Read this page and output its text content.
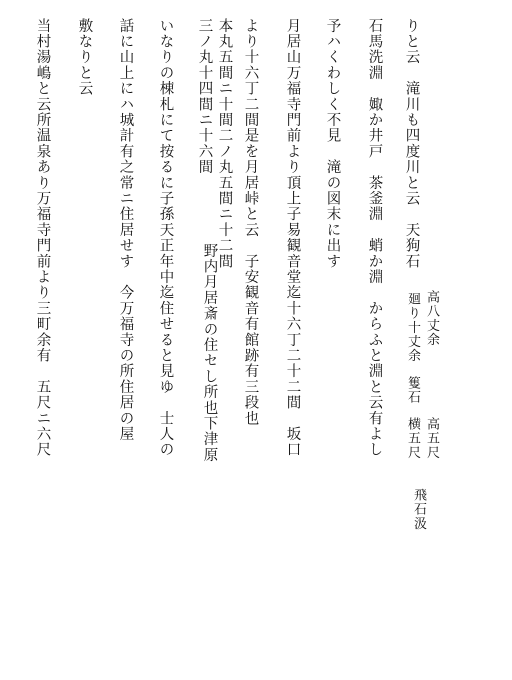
りと云　滝川も四度川と云　天狗石
高八丈余
廻り十丈余
篗石
高五尺
横五尺
飛石汲
石馬洗淵　娵か井戸　茶釜淵　蛸か淵　からふと淵と云有よし
予ハくわしく不見　滝の図末に出す
月居山万福寺門前より頂上子易観音堂迄十六丁二十二間　坂口
より十六丁二間是を月居峠と云　子安観音有館跡有三段也
本丸五間ニ十間二ノ丸五間ニ十二間
三ノ丸十四間ニ十六間
野内月居斎の住セし所也下津原
いなりの棟札にて按るに子孫天正年中迄住せると見ゆ　士人の
話に山上にハ城計有之常ニ住居せす　今万福寺の所住居の屋
敷なりと云
当村湯嶋と云所温泉あり万福寺門前より三町余有　五尺ニ六尺
